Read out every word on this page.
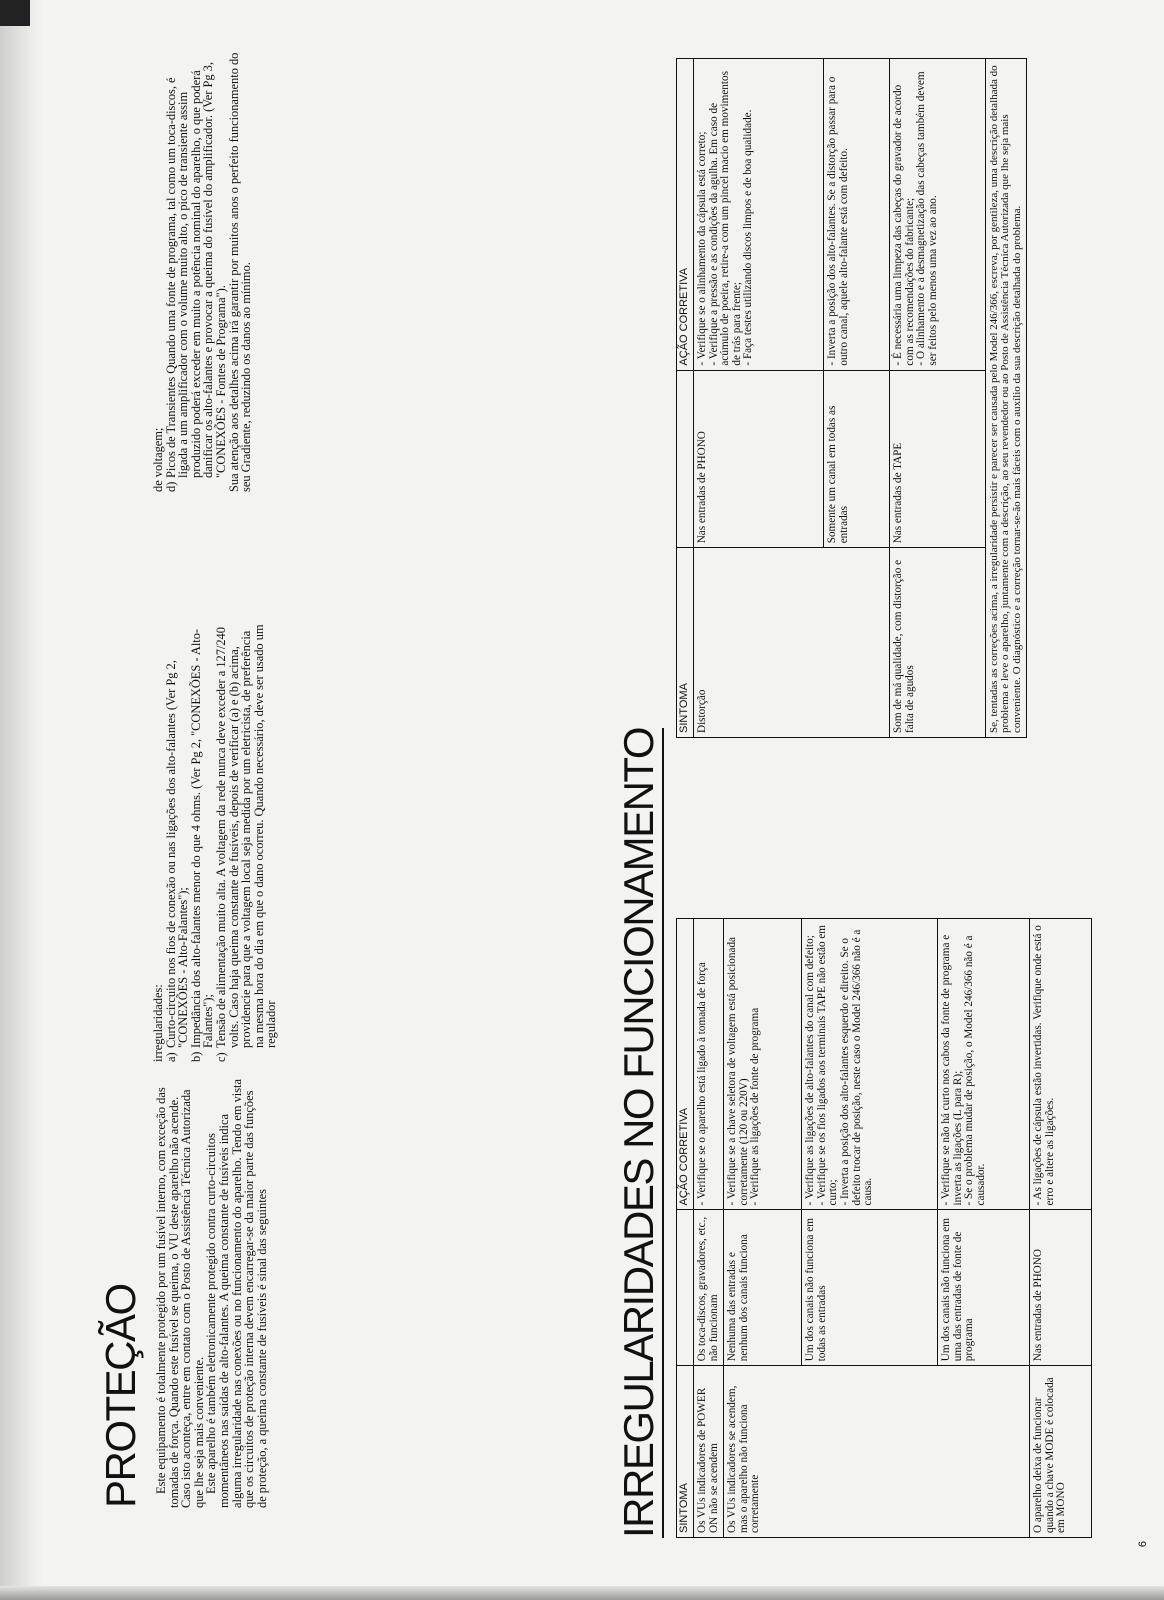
6
PROTEÇÃO Este equipamento é totalmente protegido por um fusível interno, com exceção das tomadas de força. Quando este fusível se queima, o VU deste aparelho não acende. Caso isto aconteça, entre em contato com o Posto de Assistência Técnica Autorizada que lhe seja mais conveniente.

Este aparelho é também eletronicamente protegido contra curto-circuitos momentâneos nas saídas de alto-falantes. A queima constante de fusíveis indica alguma irregularidade nas conexões ou no funcionamento do aparelho. Tendo em vista que os circuitos de proteção interna devem encarregar-se da maior parte das funções de proteção, a queima constante de fusíveis é sinal das seguintes

irregularidades:

a)
Curto-circuito nos fios de conexão ou nas ligações dos alto-falantes (Ver Pg 2, "CONEXÕES - Alto-Falantes");
b)
Impedância dos alto-falantes menor do que 4 ohms. (Ver Pg 2, "CONEXÕES - Alto-Falantes");
c)
Tensão de alimentação muito alta. A voltagem da rede nunca deve exceder a 127/240 volts. Caso haja queima constante de fusíveis, depois de verificar (a) e (b) acima, providencie para que a voltagem local seja medida por um eletricista, de preferência na mesma hora do dia em que o dano ocorreu. Quando necessário, deve ser usado um regulador

de voltagem;

d)
Picos de Transientes Quando uma fonte de programa, tal como um toca-discos, é ligada a um amplificador com o volume muito alto, o pico de transiente assim produzido poderá exceder em muito a potência nominal do aparelho, o que poderá danificar os alto-falantes e provocar a queima do fusível do amplificador. (Ver Pg 3, "CONEXÕES - Fontes de Programa").

Sua atenção aos detalhes acima irá garantir por muitos anos o perfeito funcionamento do seu Gradiente, reduzindo os danos ao mínimo.

IRREGULARIDADES NO FUNCIONAMENTO SINTOMA		AÇÃO CORRETIVA
Os VUs indicadores de POWER ON não se acendem	Os toca-discos, gravadores, etc., não funcionam	- Verifique se o aparelho está ligado à tomada de força

Os VUs indicadores se acendem, mas o aparelho não funciona corretamente	Nenhuma das entradas e nenhum dos canais funciona	- Verifique se a chave seletora de voltagem está posicionada corretamente (120 ou 220V) - Verifique as ligações de fonte de programa

	Um dos canais não funciona em todas as entradas	- Verifique as ligações de alto-falantes do canal com defeito; - Verifique se os fios ligados aos terminais TAPE não estão em curto; - Inverta a posição dos alto-falantes esquerdo e direito. Se o defeito trocar de posição, neste caso o Model 246/366 não é a causa.

	Um dos canais não funciona em uma das entradas de fonte de programa	- Verifique se não há curto nos cabos da fonte de programa e inverta as ligações (L para R); - Se o problema mudar de posição, o Model 246/366 não é a causador.

O aparelho deixa de funcionar quando a chave MODE é colocada em MONO	Nas entradas de PHONO	- As ligações de cápsula estão invertidas. Verifique onde está o erro e altere as ligações.
SINTOMA		AÇÃO CORRETIVA
Distorção	Nas entradas de PHONO	- Verifique se o alinhamento da cápsula está correto; - Verifique a pressão e as condições da agulha. Em caso de acúmulo de poeira, retire-a com um pincel macio em movimentos de trás para frente; - Faça testes utilizando discos limpos e de boa qualidade.

	Somente um canal em todas as entradas	- Inverta a posição dos alto-falantes. Se a distorção passar para o outro canal, aquele alto-falante está com defeito.

Som de má qualidade, com distorção e falta de agudos	Nas entradas de TAPE	- É necessária uma limpeza das cabeças do gravador de acordo com as recomendações do fabricante; - O alinhamento e a desmagnetização das cabeças também devem ser feitos pelo menos uma vez ao ano.

Se, tentadas as correções acima, a irregularidade persistir e parecer ser causada pelo Model 246/366, escreva, por gentileza, uma descrição detalhada do problema e leve o aparelho, juntamente com a descrição, ao seu revendedor ou ao Posto de Assistência Técnica Autorizada que lhe seja mais conveniente. O diagnóstico e a correção tornar-se-ão mais fáceis com o auxílio da sua descrição detalhada do problema.		
